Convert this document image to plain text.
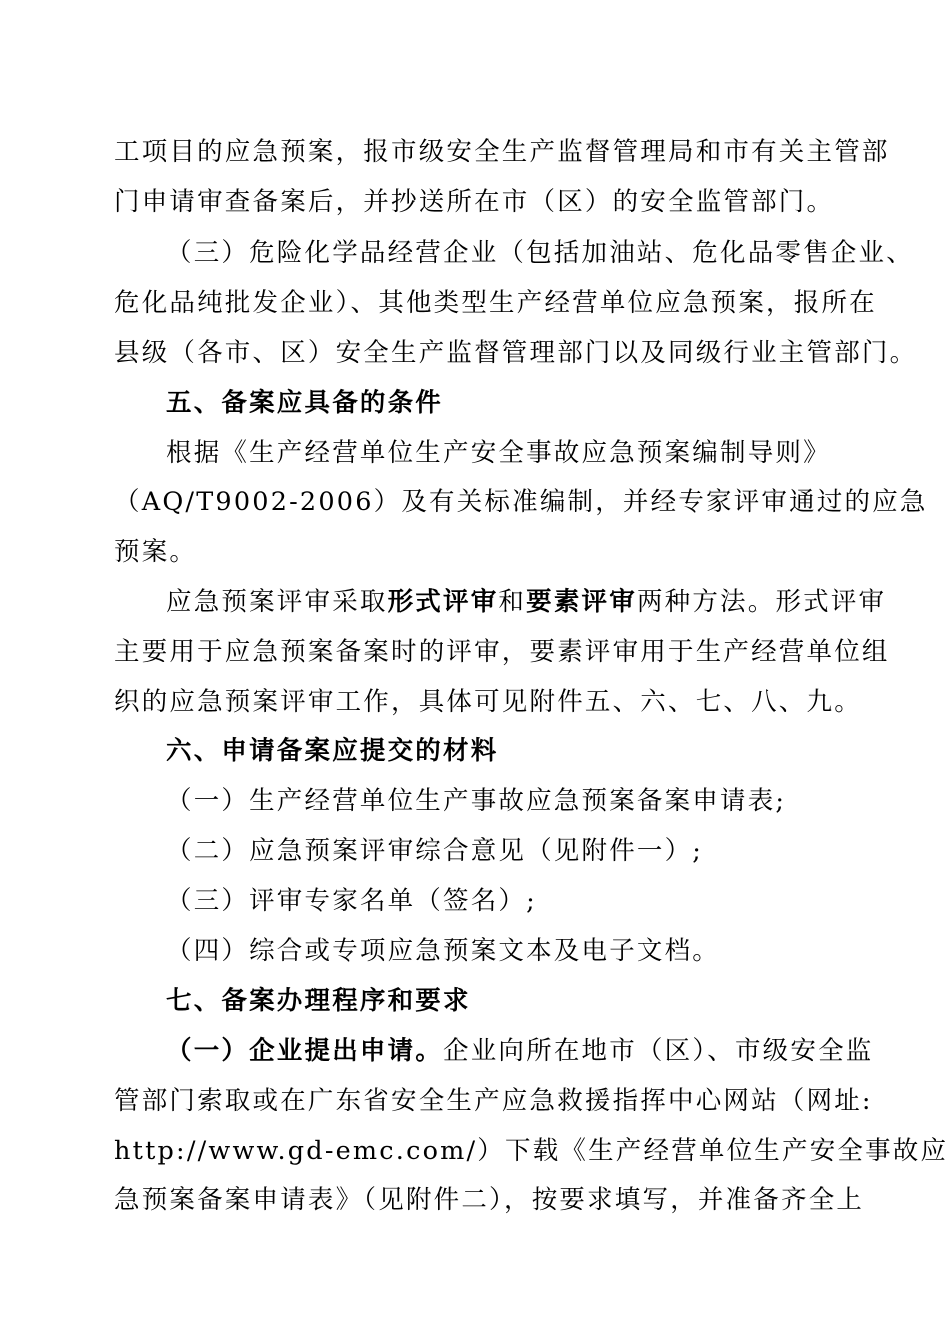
工项目的应急预案，报市级安全生产监督管理局和市有关主管部
门申请审查备案后，并抄送所在市（区）的安全监管部门。
（三）危险化学品经营企业（包括加油站、危化品零售企业、
危化品纯批发企业）、其他类型生产经营单位应急预案，报所在
县级（各市、区）安全生产监督管理部门以及同级行业主管部门。
五、备案应具备的条件
根据《生产经营单位生产安全事故应急预案编制导则》
（AQ/T9002-2006）及有关标准编制，并经专家评审通过的应急
预案。
应急预案评审采取形式评审和要素评审两种方法。形式评审
主要用于应急预案备案时的评审，要素评审用于生产经营单位组
织的应急预案评审工作，具体可见附件五、六、七、八、九。
六、申请备案应提交的材料
（一）生产经营单位生产事故应急预案备案申请表;
（二）应急预案评审综合意见（见附件一）;
（三）评审专家名单（签名）;
（四）综合或专项应急预案文本及电子文档。
七、备案办理程序和要求
（一）企业提出申请。企业向所在地市（区）、市级安全监
管部门索取或在广东省安全生产应急救援指挥中心网站（网址:
http://www.gd-emc.com/）下载《生产经营单位生产安全事故应
急预案备案申请表》（见附件二），按要求填写，并准备齐全上
